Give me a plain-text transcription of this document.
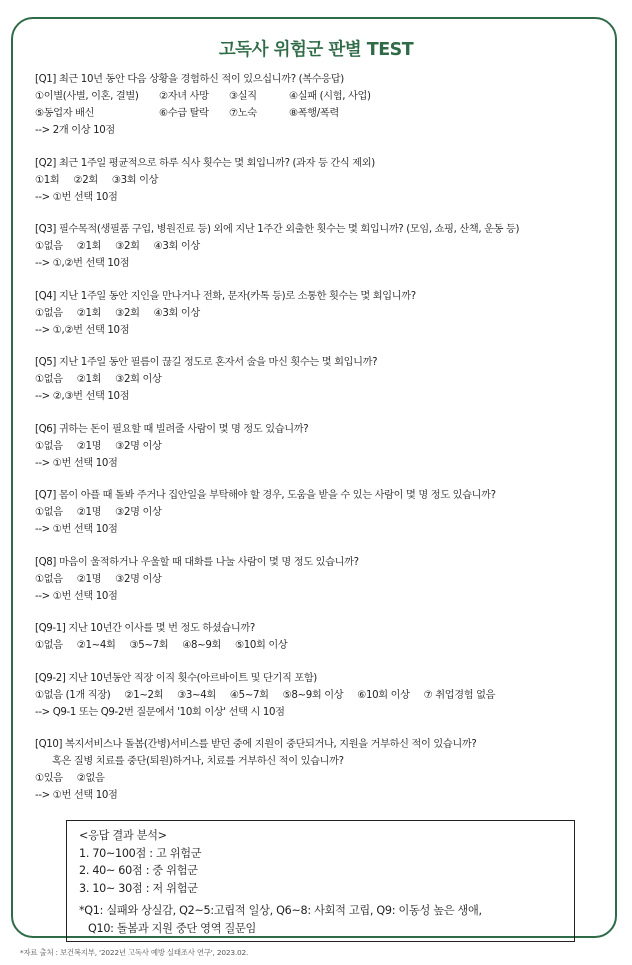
고독사 위험군 판별 TEST
[Q1] 최근 10년 동안 다음 상황을 경험하신 적이 있으십니까? (복수응답)
①이별(사별, 이혼, 결별) ②자녀 사망 ③실직	④실패 (시험, 사업)
⑤동업자 배신	⑥수급 탈락 ⑦노숙	⑧폭행/폭력
--> 2개 이상 10점
[Q2] 최근 1주일 평균적으로 하루 식사 횟수는 몇 회입니까? (과자 등 간식 제외)
①1회 ②2회 ③3회 이상
--> ①번 선택 10점
[Q3] 필수목적(생필품 구입, 병원진료 등) 외에 지난 1주간 외출한 횟수는 몇 회입니까? (모임, 쇼핑, 산책, 운동 등)
①없음 ②1회 ③2회 ④3회 이상
--> ①,②번 선택 10점
[Q4] 지난 1주일 동안 지인을 만나거나 전화, 문자(카톡 등)로 소통한 횟수는 몇 회입니까?
①없음 ②1회 ③2회 ④3회 이상
--> ①,②번 선택 10점
[Q5] 지난 1주일 동안 필름이 끊길 정도로 혼자서 술을 마신 횟수는 몇 회입니까?
①없음 ②1회 ③2회 이상
--> ②,③번 선택 10점
[Q6] 귀하는 돈이 필요할 때 빌려줄 사람이 몇 명 정도 있습니까?
①없음 ②1명 ③2명 이상
--> ①번 선택 10점
[Q7] 몸이 아플 때 돌봐 주거나 집안일을 부탁해야 할 경우, 도움을 받을 수 있는 사람이 몇 명 정도 있습니까?
①없음 ②1명 ③2명 이상
--> ①번 선택 10점
[Q8] 마음이 울적하거나 우울할 때 대화를 나눌 사람이 몇 명 정도 있습니까?
①없음 ②1명 ③2명 이상
--> ①번 선택 10점
[Q9-1] 지난 10년간 이사를 몇 번 정도 하셨습니까?
①없음 ②1~4회 ③5~7회 ④8~9회 ⑤10회 이상
[Q9-2] 지난 10년동안 직장 이직 횟수(아르바이트 및 단기직 포함)
①없음 (1개 직장) ②1~2회 ③3~4회 ④5~7회 ⑤8~9회 이상 ⑥10회 이상 ⑦ 취업경험 없음
--> Q9-1 또는 Q9-2번 질문에서 '10회 이상' 선택 시 10점
[Q10] 복지서비스나 돌봄(간병)서비스를 받던 중에 지원이 중단되거나, 지원을 거부하신 적이 있습니까?
혹은 질병 치료를 중단(퇴원)하거나, 치료를 거부하신 적이 있습니까?
①있음 ②없음
--> ①번 선택 10점
<응답 결과 분석>
1. 70~100점 : 고 위험군
2. 40~ 60점 : 중 위험군
3. 10~ 30점 : 저 위험군
*Q1: 실패와 상실감, Q2~5:고립적 일상, Q6~8: 사회적 고립, Q9: 이동성 높은 생애,
Q10: 돌봄과 지원 중단 영역 질문임
*자료 출처 : 보건복지부, '2022년 고독사 예방 실태조사 연구', 2023.02.
